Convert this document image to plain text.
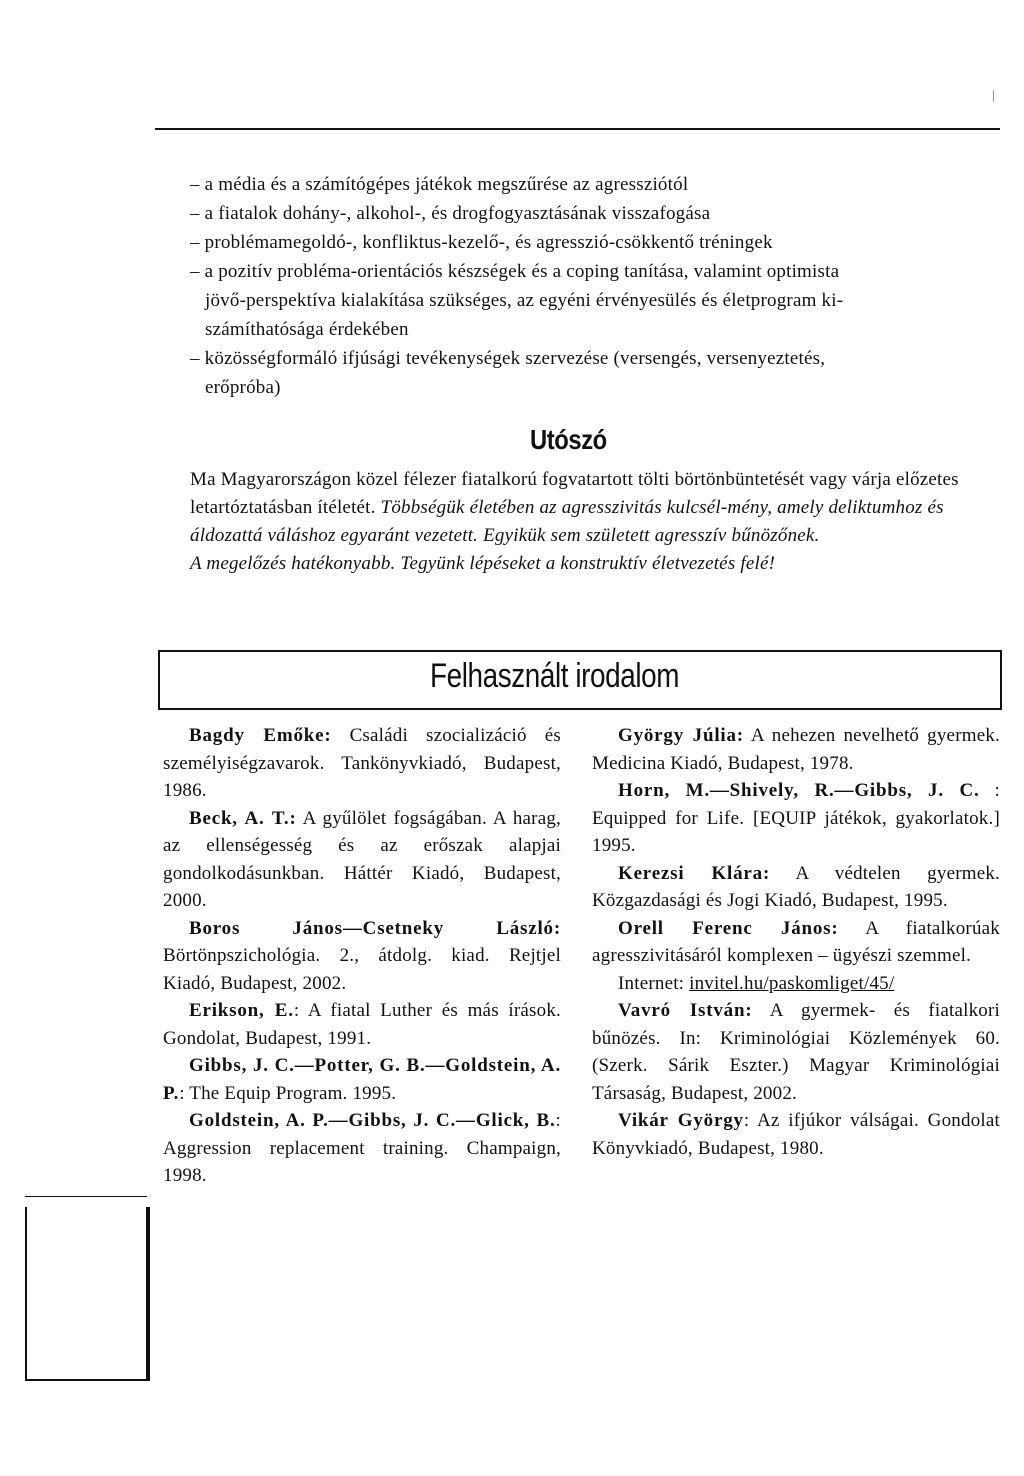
– a média és a számítógépes játékok megszűrése az agressziótól

– a fiatalok dohány-, alkohol-, és drogfogyasztásának visszafogása

– problémamegoldó-, konfliktus-kezelő-, és agresszió-csökkentő tréningek

– a pozitív probléma-orientációs készségek és a coping tanítása, valamint optimista

jövő-perspektíva kialakítása szükséges, az egyéni érvényesülés és életprogram ki-

számíthatósága érdekében

– közösségformáló ifjúsági tevékenységek szervezése (versengés, versenyeztetés,

erőpróba)

Utószó

Ma Magyarországon közel félezer fiatalkorú fogvatartott tölti börtönbüntetését vagy várja előzetes letartóztatásban ítéletét. Többségük életében az agresszivitás kulcsél-mény, amely deliktumhoz és áldozattá váláshoz egyaránt vezetett. Egyikük sem született agresszív bűnözőnek.

A megelőzés hatékonyabb. Tegyünk lépéseket a konstruktív életvezetés felé!

Felhasznált irodalom

Bagdy Emőke: Családi szocializáció és személyiségzavarok. Tankönyvkiadó, Budapest, 1986.

Beck, A. T.: A gyűlölet fogságában. A harag, az ellenségesség és az erőszak alapjai gondolkodásunkban. Háttér Kiadó, Budapest, 2000.

Boros János—Csetneky László: Börtönpszichológia. 2., átdolg. kiad. Rejtjel Kiadó, Budapest, 2002.

Erikson, E.: A fiatal Luther és más írások. Gondolat, Budapest, 1991.

Gibbs, J. C.—Potter, G. B.—Goldstein, A. P.: The Equip Program. 1995.

Goldstein, A. P.—Gibbs, J. C.—Glick, B.: Aggression replacement training. Champaign, 1998.

György Júlia: A nehezen nevelhető gyermek. Medicina Kiadó, Budapest, 1978.

Horn, M.—Shively, R.—Gibbs, J. C. : Equipped for Life. [EQUIP játékok, gyakorlatok.] 1995.

Kerezsi Klára: A védtelen gyermek. Közgazdasági és Jogi Kiadó, Budapest, 1995.

Orell Ferenc János: A fiatalkorúak agresszivitásáról komplexen – ügyészi szemmel.

Internet: invitel.hu/paskomliget/45/

Vavró István: A gyermek- és fiatalkori bűnözés. In: Kriminológiai Közlemények 60. (Szerk. Sárik Eszter.) Magyar Kriminológiai Társaság, Budapest, 2002.

Vikár György: Az ifjúkor válságai. Gondolat Könyvkiadó, Budapest, 1980.
